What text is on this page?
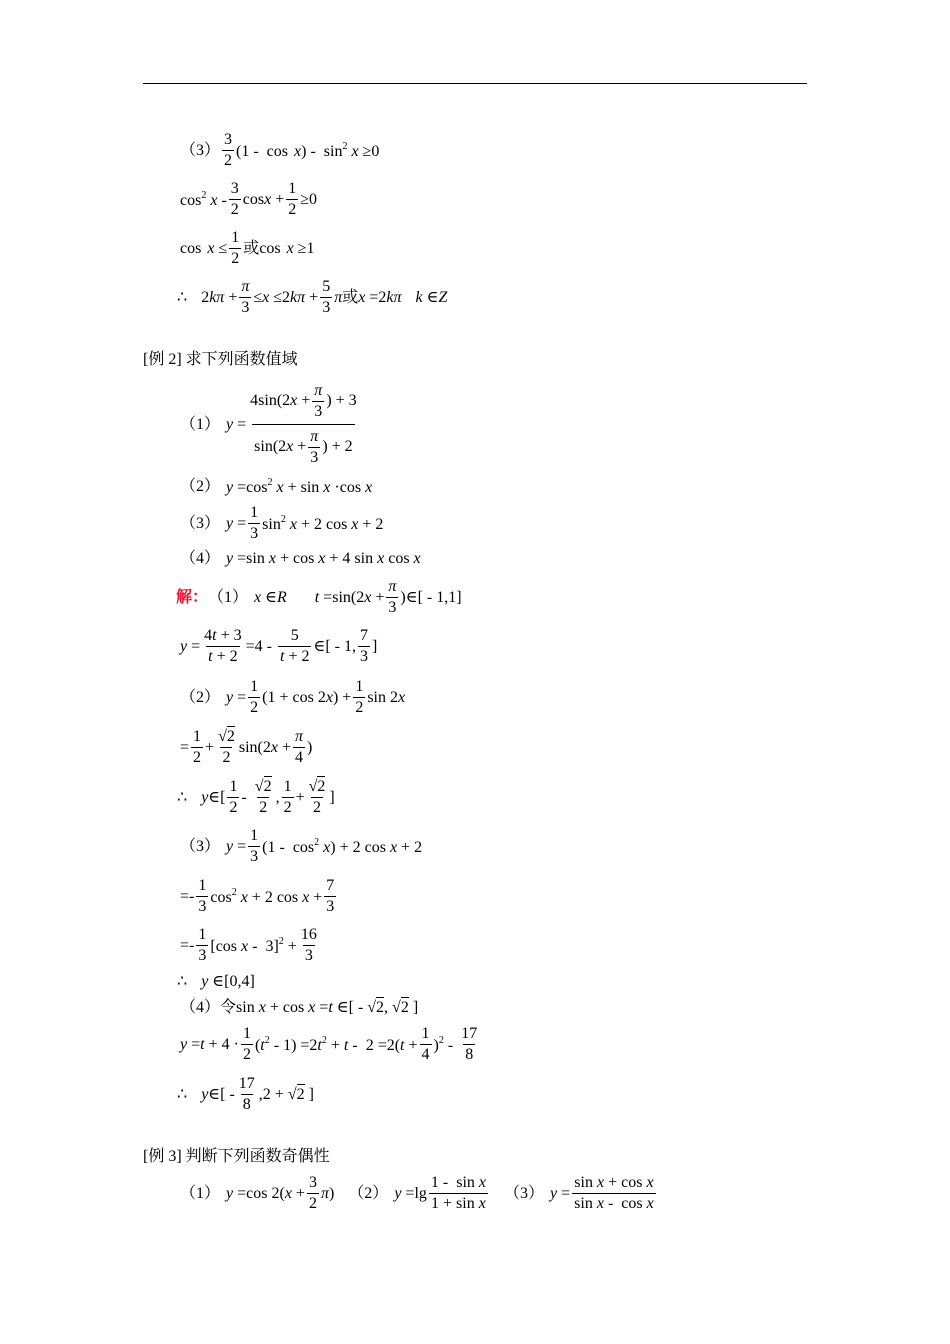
$(3) \frac{3}{2} (1 - \cos x) - \sin^2 x \ge 0$
$\cos^2 x - \frac{3}{2}$ $\cos x + \frac{1}{2} \ge 0$
$\cos x \le \frac{1}{2}$ 或 cos x ≥1
∴ $2k\pi + \frac{\pi}{3} \le x \le 2k\pi + \frac{5}{3}$ π 或 x =2kπ k ∈Z
[例 2] 求下列函数值域
（1） $y = \frac{4\sin(2x + \frac{\pi}{3} ) + 3}{\sin(2x + \frac{\pi}{3} ) + 2}$
（2） $y =\cos^2$ x + sin x ·cos x
（3） $y = \frac{1}{3} \sin^2 x + 2$ cos x + 2
（4） y =sin x + cos x + 4 sin x cos x
解： （1） x ∈R $t =\sin(2x + \frac{\pi}{3}$ )∈[ - 1,1]
$y = \frac{4t + 3}{t + 2} =4 - \frac{5}{t + 2}$ ∈[ - 1, $\frac{7}{3}$ ]
（2） $y = \frac{1}{2} (1 + \cos 2x) + \frac{1}{2}$ sin 2x
= $\frac{1}{2} + \frac{√2}{2} \sin(2x + \frac{\pi}{4}$ )
∴ y∈[ $\frac{1}{2} - \frac{√2}{2}$ , $\frac{1}{2} + \frac{√2}{2}$ ]
（3） $y = \frac{1}{3} (1 - \cos^2 x) + 2$ cos x + 2
=- $\frac{1}{3} \cos^2 x + 2$ $\cos x + \frac{7}{3}$
=- $\frac{1}{3} [\cos$ $x - 3]^2 + \frac{16}{3}$
∴ y ∈[0,4]
（4） 令 sin x + cos x =t ∈[ - √2, √2 ]
$y =t + 4 \cdot \frac{1}{2} (t^2 - 1) =2t^2 + t - 2 =2(t + \frac{1}{4} )^2 - \frac{17}{8}$
∴ y∈[ - $\frac{17}{8} ,2 + √2$ ]
[例 3] 判断下列函数奇偶性
（1） y =cos $2(x + \frac{3}{2} \pi)$ （2） $y =\lg \frac{\text{1 -  sin x}}{\text{1 + sin x}} (3) y = \frac{\text{sin x + cos x}}{\text{sin x -  cos x}}$
